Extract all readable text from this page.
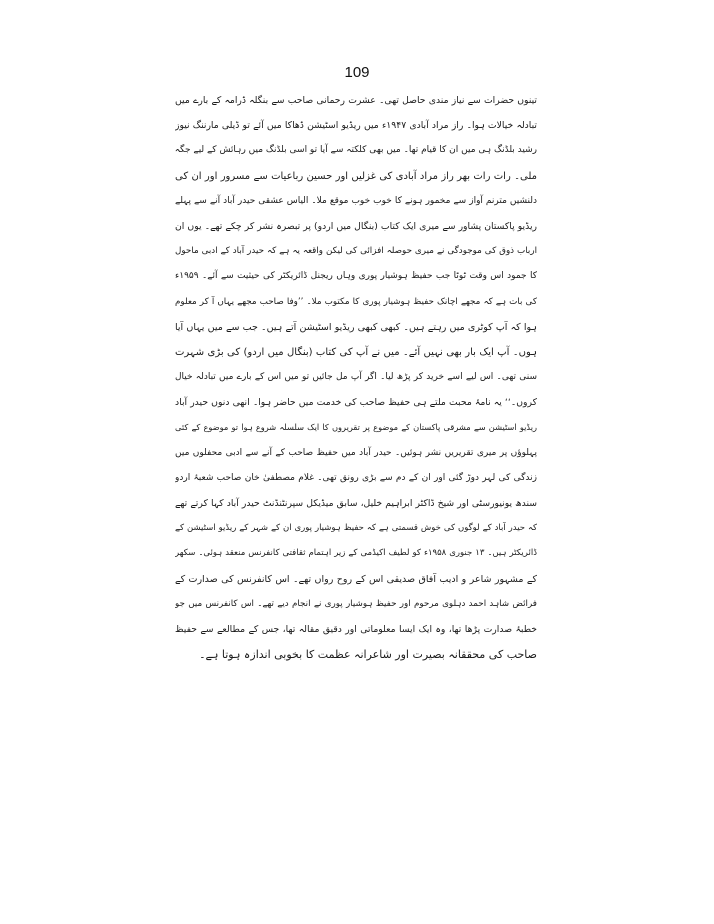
109
تینوں حضرات سے نیاز مندی حاصل تھی۔ عشرت رحمانی صاحب سے بنگلہ ڈرامہ کے بارے میں
تبادلہ خیالات ہوا۔ راز مراد آبادی ۱۹۴۷ء میں ریڈیو اسٹیشن ڈھاکا میں آئے تو ڈیلی مارننگ نیوز
رشید بلڈنگ ہی میں ان کا قیام تھا۔ میں بھی کلکتہ سے آیا تو اسی بلڈنگ میں رہائش کے لیے جگہ
ملی۔ رات رات بھر راز مراد آبادی کی غزلیں اور حسین رباعیات سے مسرور اور ان کی
دلنشیں مترنم آواز سے مخمور ہونے کا خوب خوب موقع ملا۔ الیاس عشقی حیدر آباد آنے سے پہلے
ریڈیو پاکستان پشاور سے میری ایک کتاب (بنگال میں اردو) پر تبصرہ نشر کر چکے تھے۔ یوں ان
ارباب ذوق کی موجودگی نے میری حوصلہ افزائی کی لیکن واقعہ یہ ہے کہ حیدر آباد کے ادبی ماحول
کا جمود اس وقت ٹوٹا جب حفیظ ہوشیار پوری وہاں ریجنل ڈائریکٹر کی حیثیت سے آئے۔ ۱۹۵۹ء
کی بات ہے کہ مجھے اچانک حفیظ ہوشیار پوری کا مکتوب ملا۔ ’’وفا صاحب مجھے یہاں آ کر معلوم
ہوا کہ آپ کوٹری میں رہتے ہیں۔ کبھی کبھی ریڈیو اسٹیشن آتے ہیں۔ جب سے میں یہاں آیا
ہوں۔ آپ ایک بار بھی نہیں آئے۔ میں نے آپ کی کتاب (بنگال میں اردو) کی بڑی شہرت
سنی تھی۔ اس لیے اسے خرید کر پڑھ لیا۔ اگر آپ مل جائیں تو میں اس کے بارے میں تبادلہ خیال
کروں۔‘‘ یہ نامۂ محبت ملتے ہی حفیظ صاحب کی خدمت میں حاضر ہوا۔ انھی دنوں حیدر آباد
ریڈیو اسٹیشن سے مشرقی پاکستان کے موضوع پر تقریروں کا ایک سلسلہ شروع ہوا تو موضوع کے کئی
پہلوؤں پر میری تقریریں نشر ہوئیں۔ حیدر آباد میں حفیظ صاحب کے آنے سے ادبی محفلوں میں
زندگی کی لہر دوڑ گئی اور ان کے دم سے بڑی رونق تھی۔ غلام مصطفیٰ خان صاحب شعبۂ اردو
سندھ یونیورسٹی اور شیخ ڈاکٹر ابراہیم خلیل، سابق میڈیکل سپرنٹنڈنٹ حیدر آباد کہا کرتے تھے
کہ حیدر آباد کے لوگوں کی خوش قسمتی ہے کہ حفیظ ہوشیار پوری ان کے شہر کے ریڈیو اسٹیشن کے
ڈائریکٹر ہیں۔ ۱۳ جنوری ۱۹۵۸ء کو لطیف اکیڈمی کے زیر اہتمام ثقافتی کانفرنس منعقد ہوئی۔ سکھر
کے مشہور شاعر و ادیب آفاق صدیقی اس کے روح رواں تھے۔ اس کانفرنس کی صدارت کے
فرائض شاہد احمد دہلوی مرحوم اور حفیظ ہوشیار پوری نے انجام دیے تھے۔ اس کانفرنس میں جو
خطبۂ صدارت پڑھا تھا، وہ ایک ایسا معلوماتی اور دقیق مقالہ تھا، جس کے مطالعے سے حفیظ
صاحب کی محققانہ بصیرت اور شاعرانہ عظمت کا بخوبی اندازہ ہوتا ہے۔
